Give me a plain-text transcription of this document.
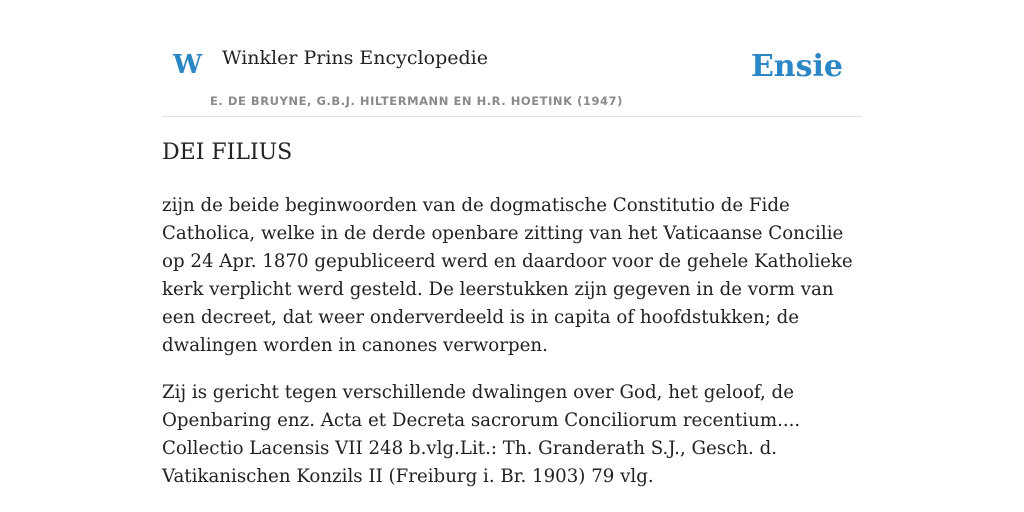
W Winkler Prins Encyclopedie
E. DE BRUYNE, G.B.J. HILTERMANN EN H.R. HOETINK (1947)
Ensie
DEI FILIUS

zijn de beide beginwoorden van de dogmatische Constitutio de Fide Catholica, welke in de derde openbare zitting van het Vaticaanse Concilie op 24 Apr. 1870 gepubliceerd werd en daardoor voor de gehele Katholieke kerk verplicht werd gesteld. De leerstukken zijn gegeven in de vorm van een decreet, dat weer onderverdeeld is in capita of hoofdstukken; de dwalingen worden in canones verworpen.

Zij is gericht tegen verschillende dwalingen over God, het geloof, de Openbaring enz. Acta et Decreta sacrorum Conciliorum recentium.... Collectio Lacensis VII 248 b.vlg.Lit.: Th. Granderath S.J., Gesch. d. Vatikanischen Konzils II (Freiburg i. Br. 1903) 79 vlg.
